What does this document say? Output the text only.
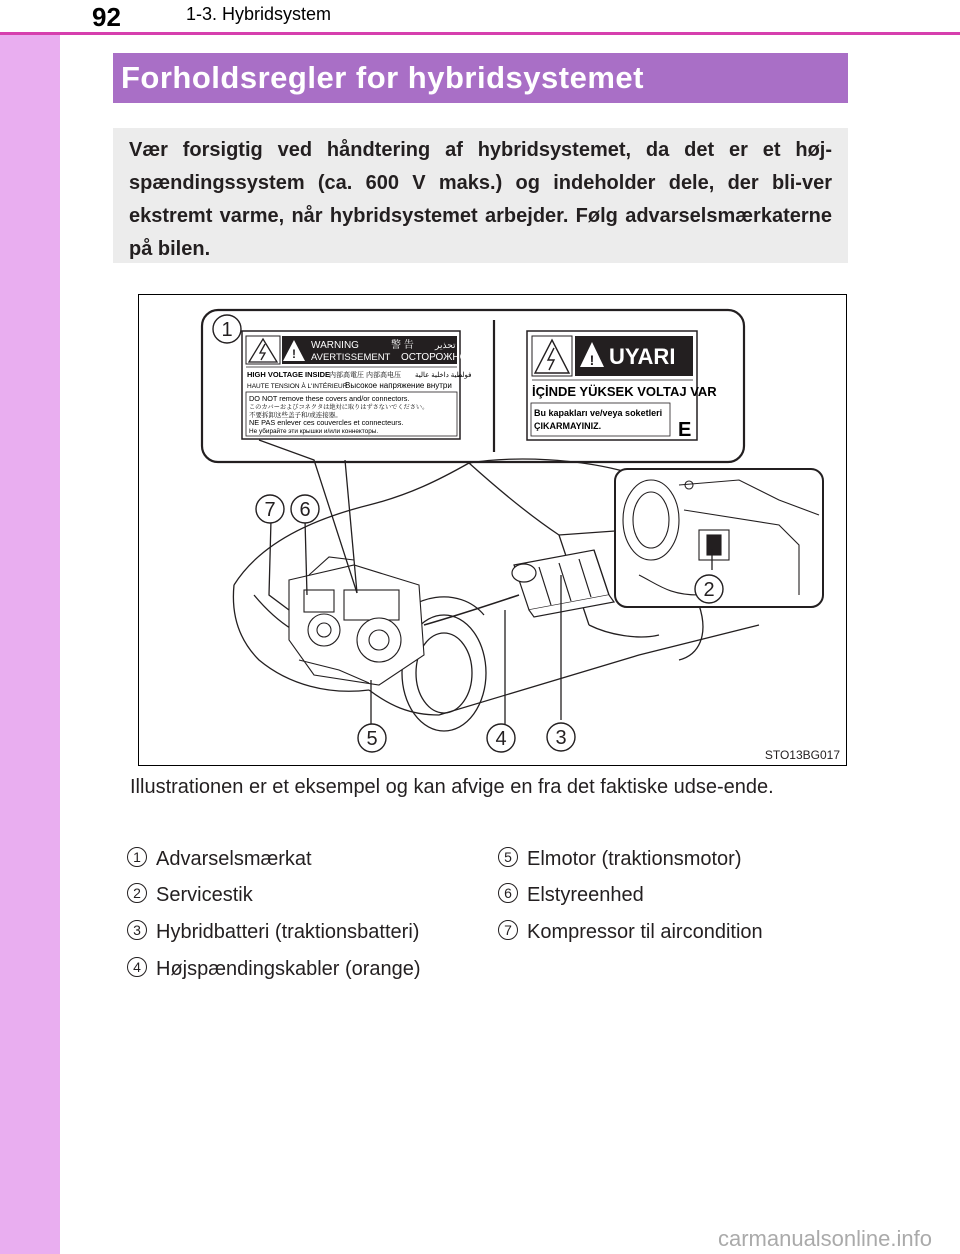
92	1-3. Hybridsystem
Forholdsregler for hybridsystemet

Vær forsigtig ved håndtering af hybridsystemet, da det er et høj-spændingssystem (ca. 600 V maks.) og indeholder dele, der bli-ver ekstremt varme, når hybridsystemet arbejder. Følg advarselsmærkaterne på bilen.

!
WARNING	警 告 تحذير
AVERTISSEMENT ОСТОРОЖНО
HIGH VOLTAGE INSIDE
内部高電圧 内部高电压 فولطية داخلية عالية
HAUTE TENSION À L'INTÉRIEUR
Высокое напряжение внутри
DO NOT remove these covers and/or connectors.
このカバーおよびコネクタは絶対に取りはずさないでください。
不要拆卸这些盖子和/或连接器。
NE PAS enlever ces couvercles et connecteurs.
Не убирайте эти крышки и/или коннекторы.
! UYARI
İÇİNDE YÜKSEK VOLTAJ VAR
Bu kapakları ve/veya soketleri
ÇIKARMAYINIZ.	E
1
2
3
4
5
6
7
STO13BG017

Illustrationen er et eksempel og kan afvige en fra det faktiske udse-ende.

1 Advarselsmærkat
2 Servicestik
3 Hybridbatteri (traktionsbatteri)
4 Højspændingskabler (orange)
5 Elmotor (traktionsmotor)
6 Elstyreenhed
7 Kompressor til aircondition
carmanualsonline.info
